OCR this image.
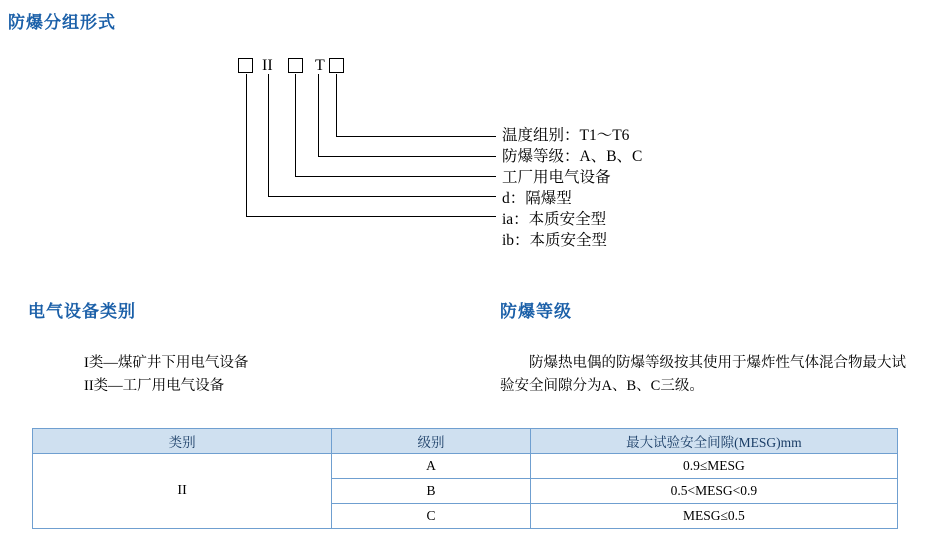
防爆分组形式
II	T
温度组别：T1～T6
防爆等级：A、B、C
工厂用电气设备
d：隔爆型
ia：本质安全型
ib：本质安全型
电气设备类别	防爆等级
I类—煤矿井下用电气设备
II类—工厂用电气设备
防爆热电偶的防爆等级按其使用于爆炸性气体混合物最大试验安全间隙分为A、B、C三级。
类别	级别	最大试验安全间隙(MESG)mm
II	A	0.9≤MESG
	B	0.5<MESG<0.9
	C	MESG≤0.5
